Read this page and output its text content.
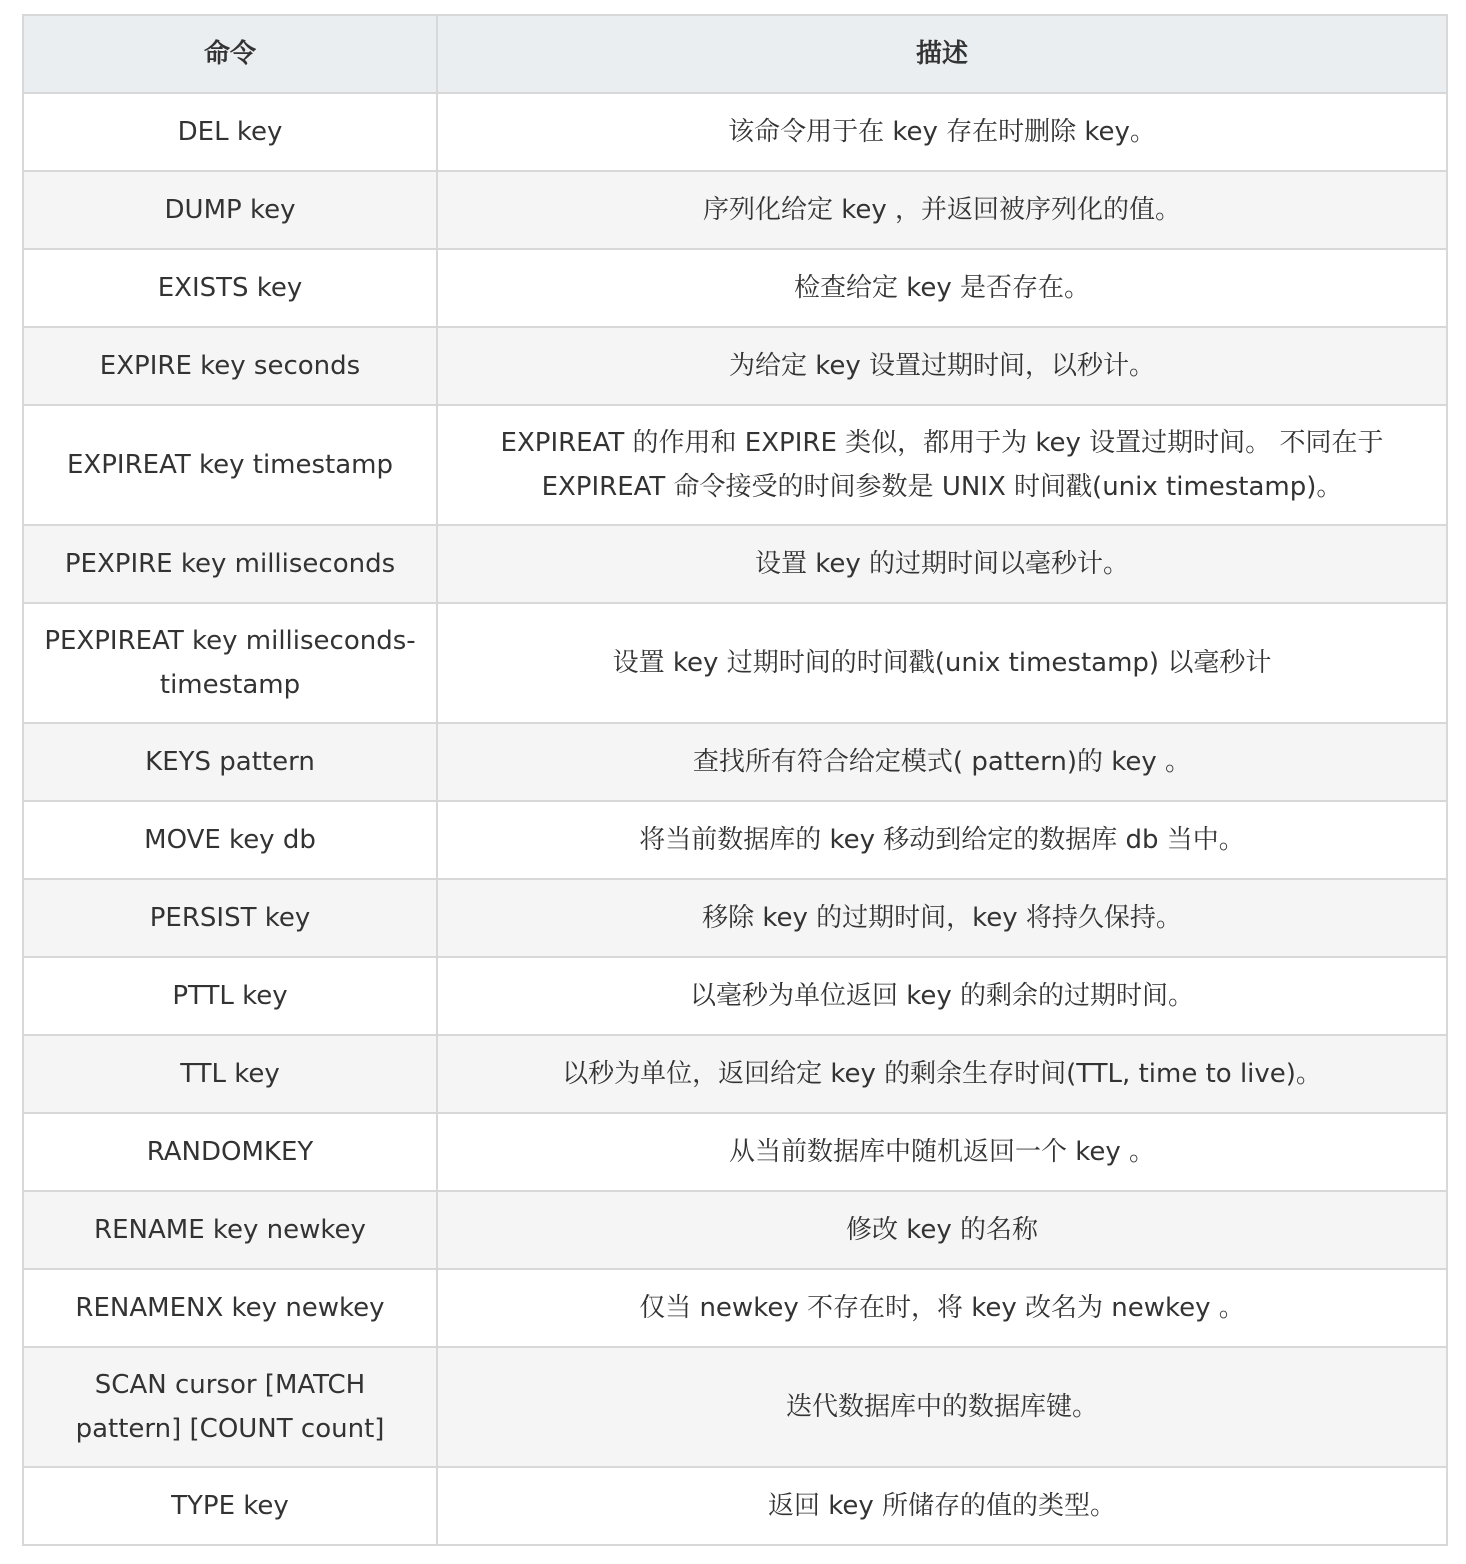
命令	描述
DEL key	该命令用于在 key 存在时删除 key。
DUMP key	序列化给定 key ，并返回被序列化的值。
EXISTS key	检查给定 key 是否存在。
EXPIRE key seconds	为给定 key 设置过期时间，以秒计。
EXPIREAT key timestamp	EXPIREAT 的作用和 EXPIRE 类似，都用于为 key 设置过期时间。 不同在于 EXPIREAT 命令接受的时间参数是 UNIX 时间戳(unix timestamp)。
PEXPIRE key milliseconds	设置 key 的过期时间以毫秒计。
PEXPIREAT key milliseconds-timestamp	设置 key 过期时间的时间戳(unix timestamp) 以毫秒计
KEYS pattern	查找所有符合给定模式( pattern)的 key 。
MOVE key db	将当前数据库的 key 移动到给定的数据库 db 当中。
PERSIST key	移除 key 的过期时间，key 将持久保持。
PTTL key	以毫秒为单位返回 key 的剩余的过期时间。
TTL key	以秒为单位，返回给定 key 的剩余生存时间(TTL, time to live)。
RANDOMKEY	从当前数据库中随机返回一个 key 。
RENAME key newkey	修改 key 的名称
RENAMENX key newkey	仅当 newkey 不存在时，将 key 改名为 newkey 。
SCAN cursor [MATCH pattern] [COUNT count]	迭代数据库中的数据库键。
TYPE key	返回 key 所储存的值的类型。
